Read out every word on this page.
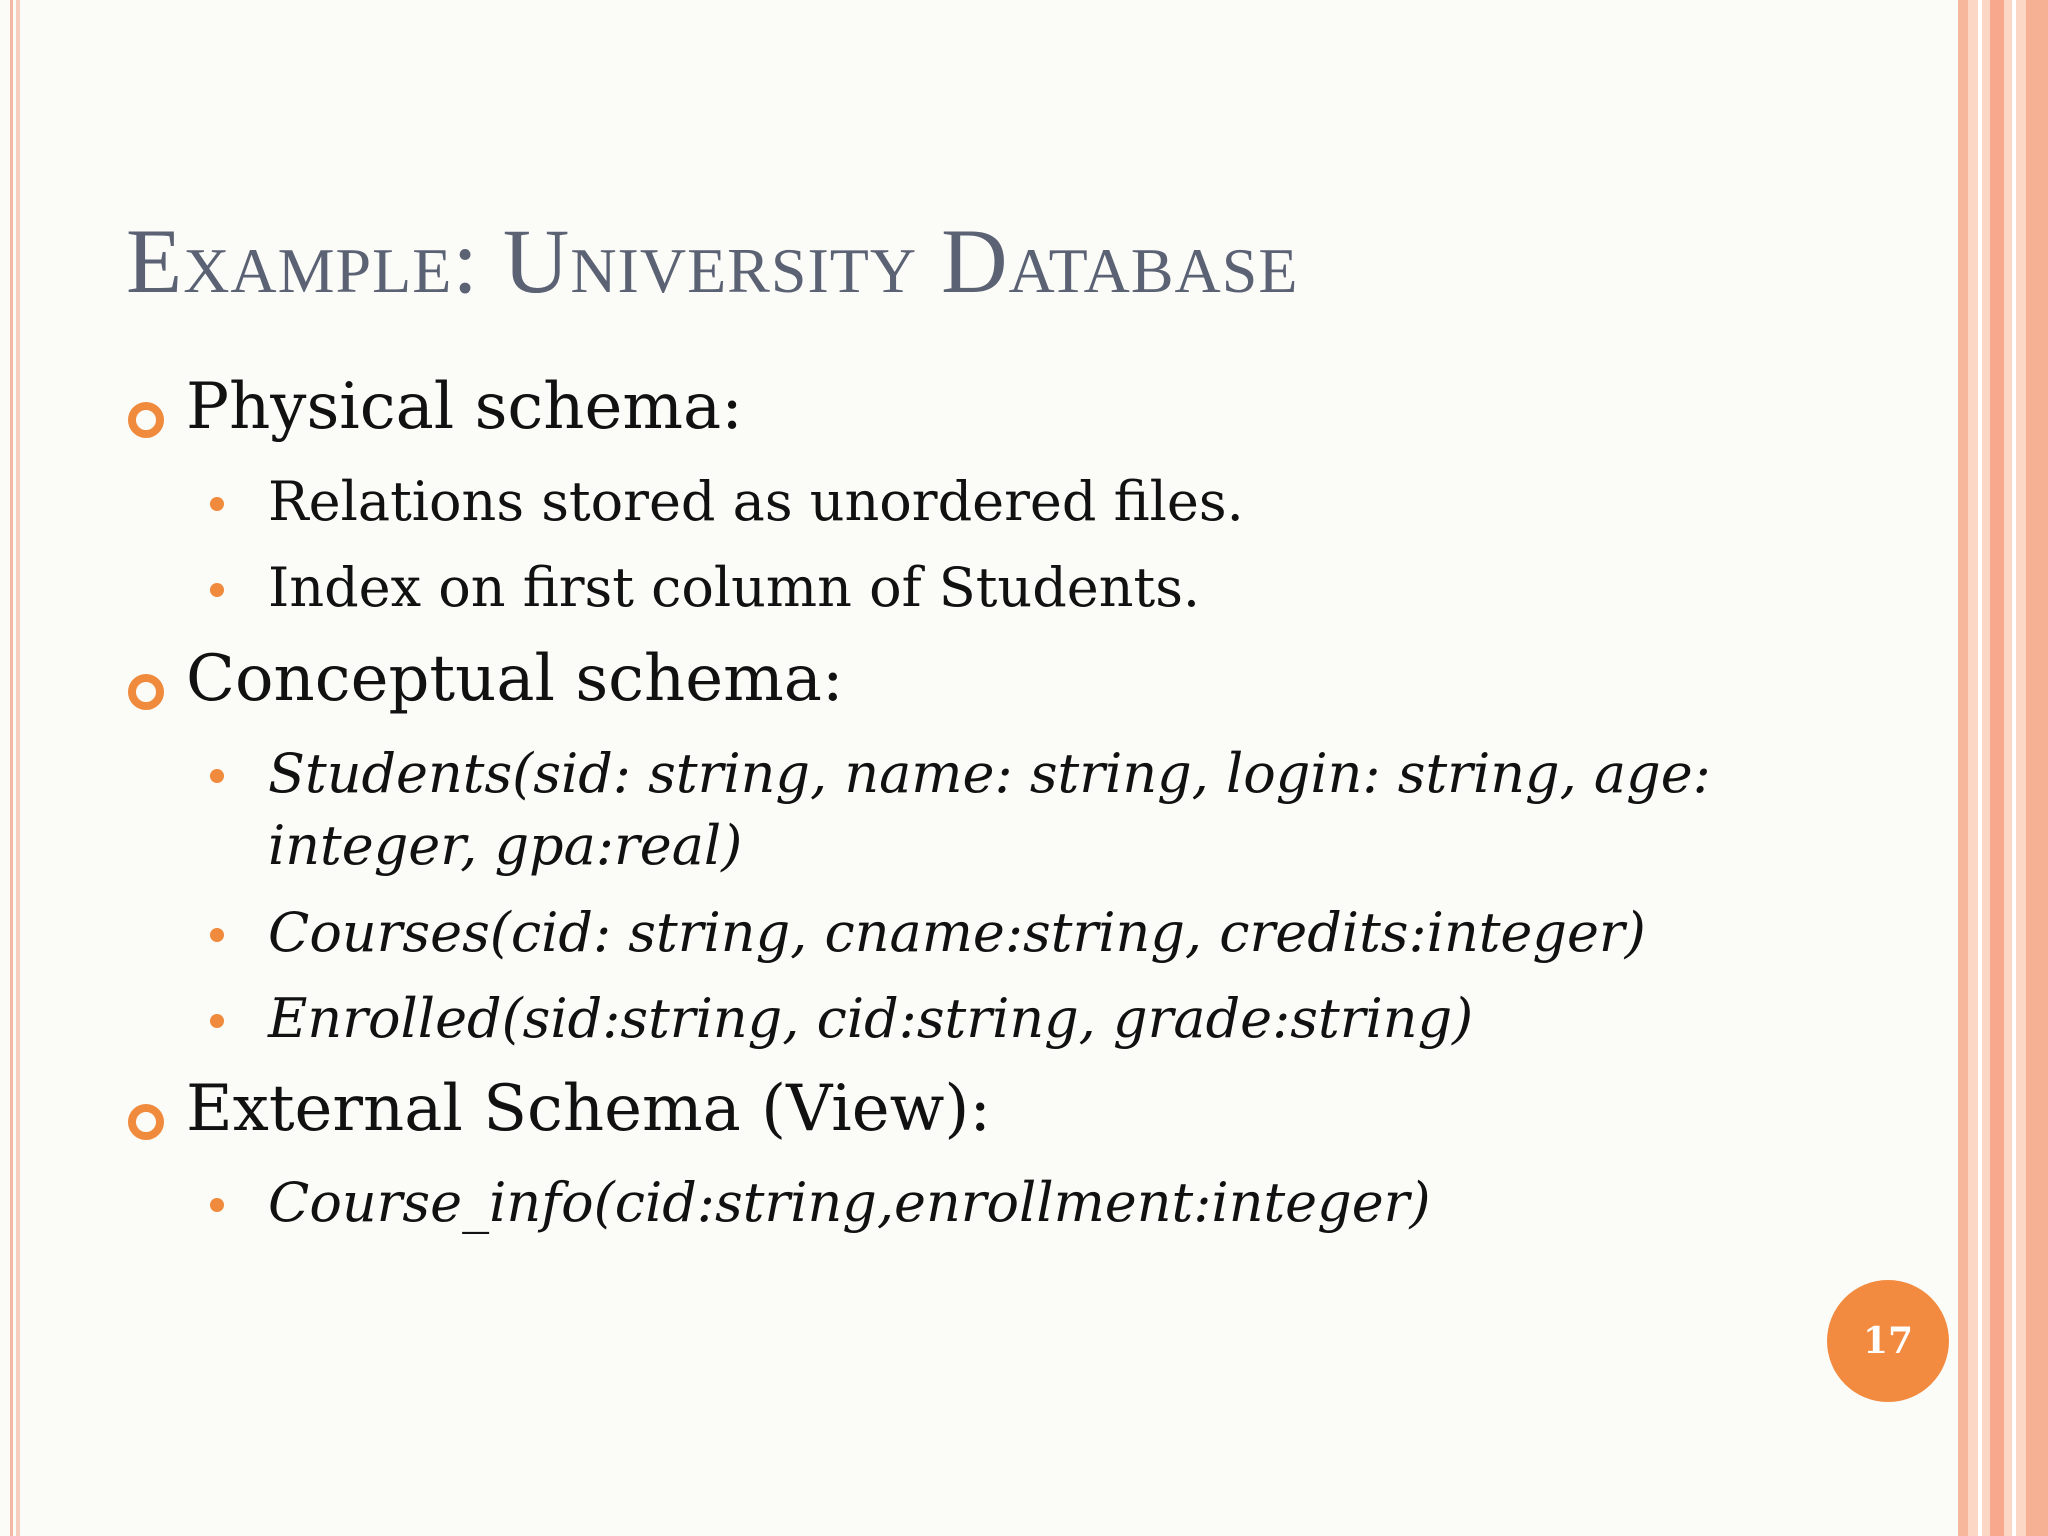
Example: University Database
Physical schema:
Relations stored as unordered files.
Index on first column of Students.
Conceptual schema:
Students(sid: string, name: string, login: string, age:
integer, gpa:real)
Courses(cid: string, cname:string, credits:integer)
Enrolled(sid:string, cid:string, grade:string)
External Schema (View):
Course_info(cid:string,enrollment:integer)
17
